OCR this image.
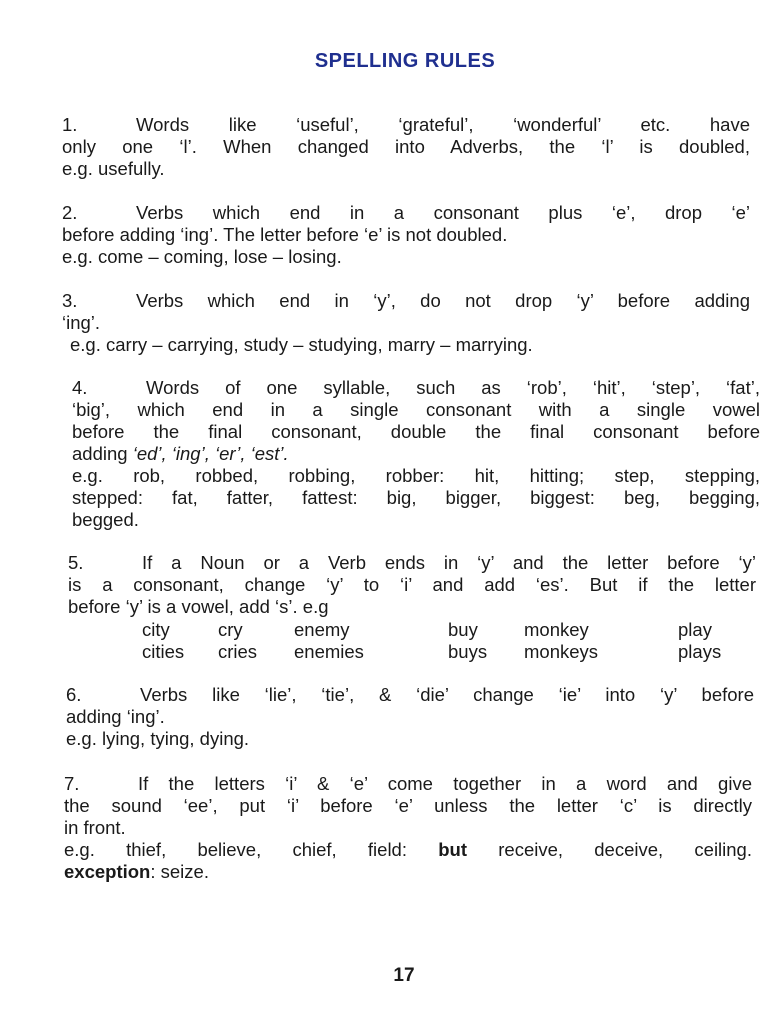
SPELLING RULES

1.	Words like ‘useful’, ‘grateful’, ‘wonderful’ etc. have

only one ‘l’. When changed into Adverbs, the ‘l’ is doubled,

e.g. usefully.

2.	Verbs which end in a consonant plus ‘e’, drop ‘e’

before adding ‘ing’. The letter before ‘e’ is not doubled.

e.g. come – coming, lose – losing.

3.	Verbs which end in ‘y’, do not drop ‘y’ before adding

‘ing’.

e.g. carry – carrying, study – studying, marry – marrying.

4.	Words of one syllable, such as ‘rob’, ‘hit’, ‘step’, ‘fat’,

‘big’, which end in a single consonant with a single vowel

before the final consonant, double the final consonant before

adding ‘ed’, ‘ing’, ‘er’, ‘est’.

e.g. rob, robbed, robbing, robber: hit, hitting; step, stepping,

stepped: fat, fatter, fattest: big, bigger, biggest: beg, begging,

begged.

5.	If a Noun or a Verb ends in ‘y’ and the letter before ‘y’

is a consonant, change ‘y’ to ‘i’ and add ‘es’. But if the letter

before ‘y’ is a vowel, add ‘s’. e.g

city	cry	enemy	buy	monkey	play
cities	cries	enemies	buys	monkeys	plays

6.	Verbs like ‘lie’, ‘tie’, & ‘die’ change ‘ie’ into ‘y’ before

adding ‘ing’.

e.g. lying, tying, dying.

7.	If the letters ‘i’ & ‘e’ come together in a word and give

the sound ‘ee’, put ‘i’ before ‘e’ unless the letter ‘c’ is directly

in front.

e.g. thief, believe, chief, field: but receive, deceive, ceiling.

exception: seize.

17
